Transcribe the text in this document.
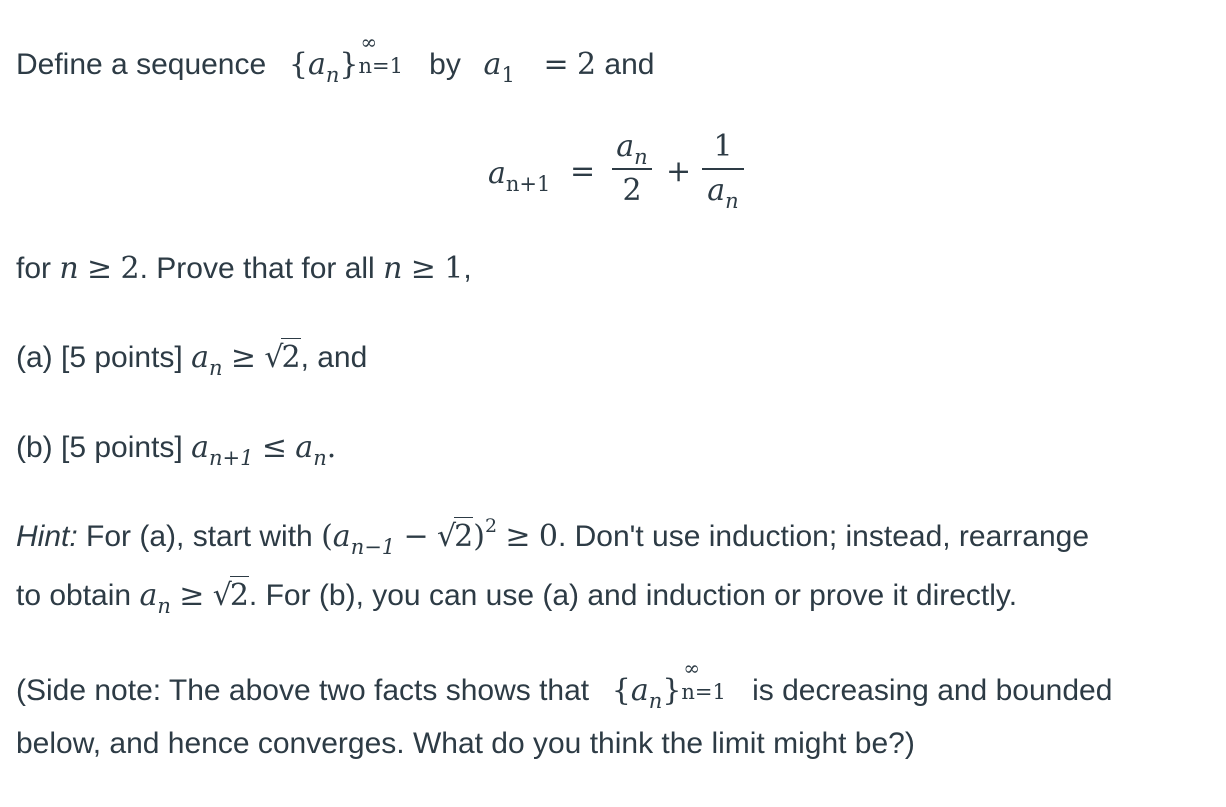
Define a sequence $\{a_n\}$
∞
n=1 by $a_1 = 2$ and
$a_{n+1}$ =
$a_n$
2
+
1
$a_n$
for n ≥ 2. Prove that for all n ≥ 1,
(a) [5 points] $a_n \ge √2$, and
(b) [5 points] $a_{n+1} \le a_n$.
Hint: For (a), start with $(a_{n-1} - √2)^2 \ge 0$. Don't use induction; instead, rearrange
to obtain $a_n \ge √2$. For (b), you can use (a) and induction or prove it directly.
(Side note: The above two facts shows that $\{a_n\}$
∞
n=1 is decreasing and bounded
below, and hence converges. What do you think the limit might be?)
